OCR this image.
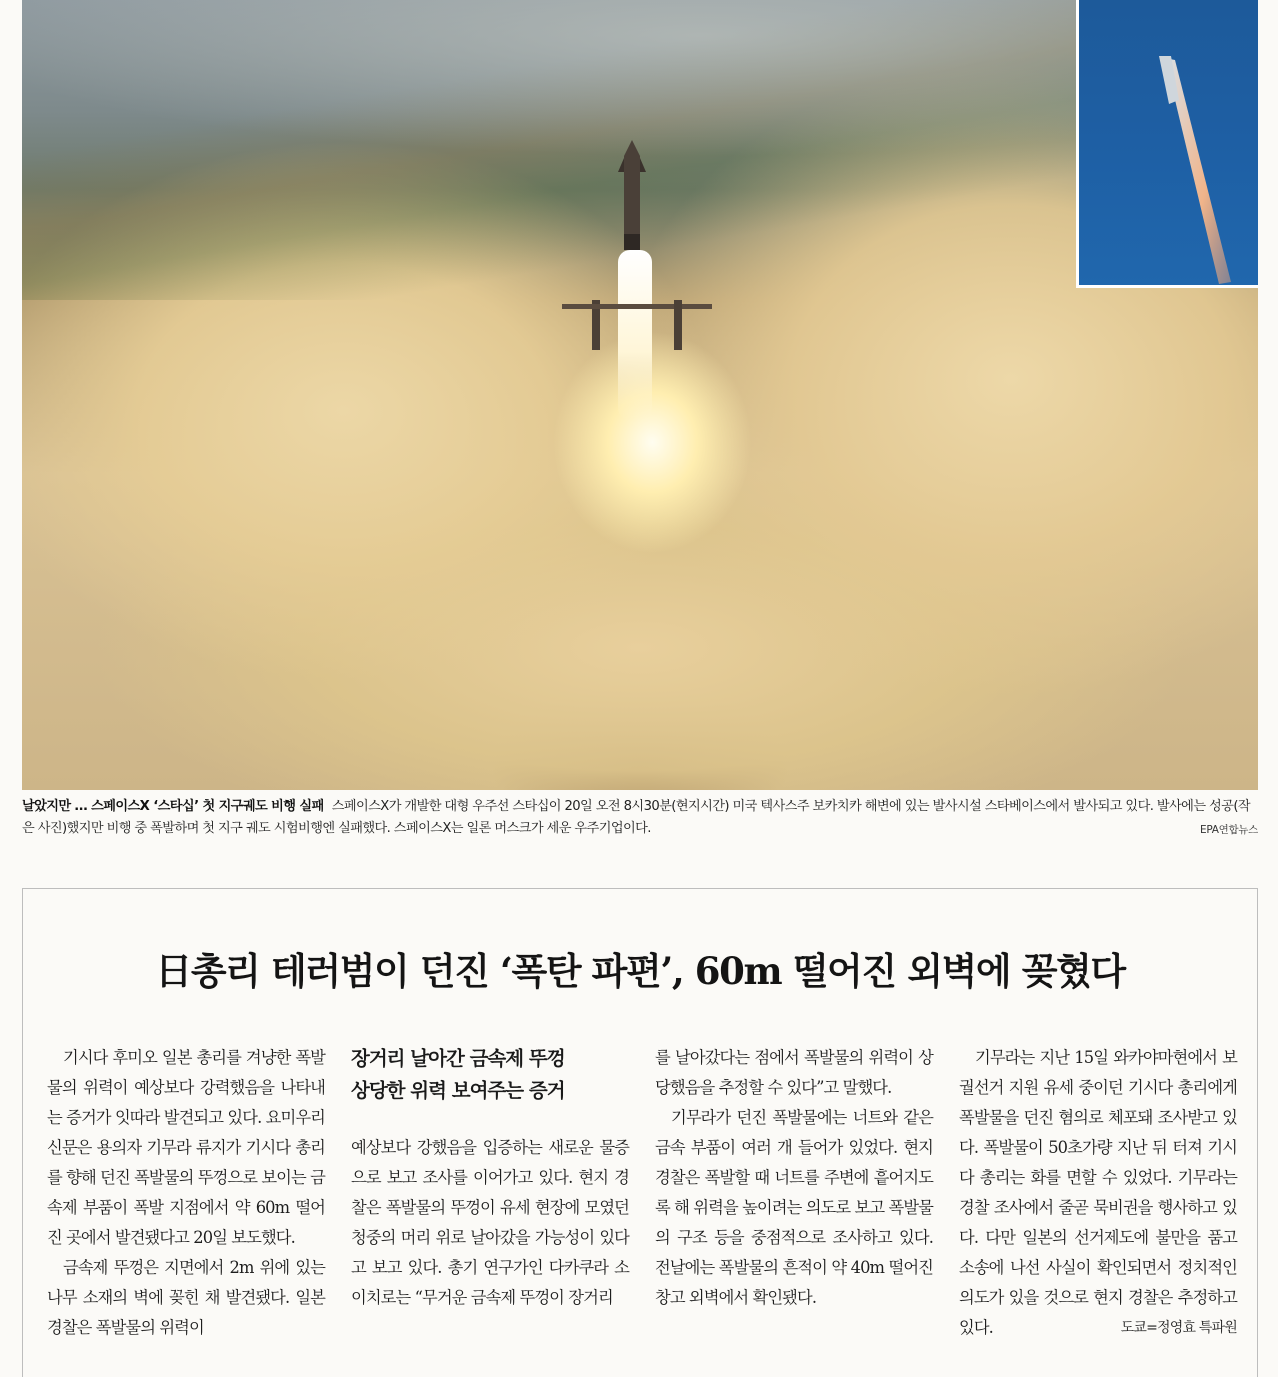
날았지만 … 스페이스X ‘스타십’ 첫 지구궤도 비행 실패 스페이스X가 개발한 대형 우주선 스타십이 20일 오전 8시30분(현지시간) 미국 텍사스주 보카치카 해변에 있는 발사시설 스타베이스에서 발사되고 있다. 발사에는 성공(작은 사진)했지만 비행 중 폭발하며 첫 지구 궤도 시험비행엔 실패했다. 스페이스X는 일론 머스크가 세운 우주기업이다.	EPA연합뉴스
日총리 테러범이 던진 ‘폭탄 파편’, 60m 떨어진 외벽에 꽂혔다

기시다 후미오 일본 총리를 겨냥한 폭발물의 위력이 예상보다 강력했음을 나타내는 증거가 잇따라 발견되고 있다. 요미우리신문은 용의자 기무라 류지가 기시다 총리를 향해 던진 폭발물의 뚜껑으로 보이는 금속제 부품이 폭발 지점에서 약 60m 떨어진 곳에서 발견됐다고 20일 보도했다.

금속제 뚜껑은 지면에서 2m 위에 있는 나무 소재의 벽에 꽂힌 채 발견됐다. 일본 경찰은 폭발물의 위력이

장거리 날아간 금속제 뚜껑
상당한 위력 보여주는 증거

예상보다 강했음을 입증하는 새로운 물증으로 보고 조사를 이어가고 있다. 현지 경찰은 폭발물의 뚜껑이 유세 현장에 모였던 청중의 머리 위로 날아갔을 가능성이 있다고 보고 있다. 총기 연구가인 다카쿠라 소이치로는 “무거운 금속제 뚜껑이 장거리

를 날아갔다는 점에서 폭발물의 위력이 상당했음을 추정할 수 있다”고 말했다.

기무라가 던진 폭발물에는 너트와 같은 금속 부품이 여러 개 들어가 있었다. 현지 경찰은 폭발할 때 너트를 주변에 흩어지도록 해 위력을 높이려는 의도로 보고 폭발물의 구조 등을 중점적으로 조사하고 있다. 전날에는 폭발물의 흔적이 약 40m 떨어진 창고 외벽에서 확인됐다.

기무라는 지난 15일 와카야마현에서 보궐선거 지원 유세 중이던 기시다 총리에게 폭발물을 던진 혐의로 체포돼 조사받고 있다. 폭발물이 50초가량 지난 뒤 터져 기시다 총리는 화를 면할 수 있었다. 기무라는 경찰 조사에서 줄곧 묵비권을 행사하고 있다. 다만 일본의 선거제도에 불만을 품고 소송에 나선 사실이 확인되면서 정치적인 의도가 있을 것으로 현지 경찰은 추정하고 있다.	도쿄=정영효 특파원
